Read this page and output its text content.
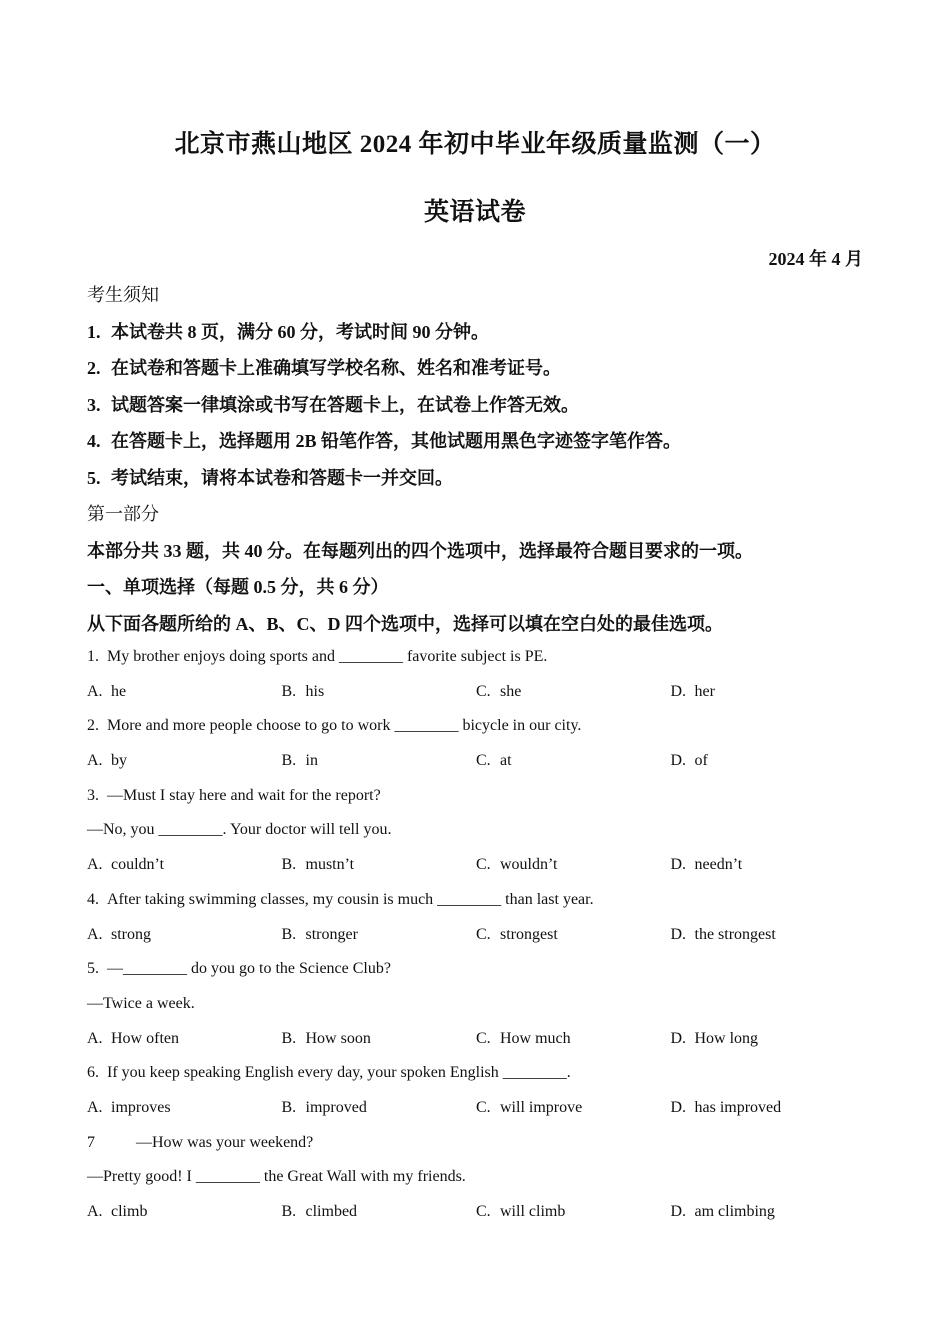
北京市燕山地区 2024 年初中毕业年级质量监测（一）
英语试卷
2024 年 4 月
考生须知
1. 本试卷共 8 页，满分 60 分，考试时间 90 分钟。
2. 在试卷和答题卡上准确填写学校名称、姓名和准考证号。
3. 试题答案一律填涂或书写在答题卡上，在试卷上作答无效。
4. 在答题卡上，选择题用 2B 铅笔作答，其他试题用黑色字迹签字笔作答。
5. 考试结束，请将本试卷和答题卡一并交回。
第一部分
本部分共 33 题，共 40 分。在每题列出的四个选项中，选择最符合题目要求的一项。
一、单项选择（每题 0.5 分，共 6 分）
从下面各题所给的 A、B、C、D 四个选项中，选择可以填在空白处的最佳选项。
1. My brother enjoys doing sports and ________ favorite subject is PE.
A. he	B. his	C. she	D. her
2. More and more people choose to go to work ________ bicycle in our city.
A. by	B. in	C. at	D. of
3. —Must I stay here and wait for the report?
—No, you ________. Your doctor will tell you.
A. couldn’t	B. mustn’t	C. wouldn’t	D. needn’t
4. After taking swimming classes, my cousin is much ________ than last year.
A. strong	B. stronger	C. strongest	D. the strongest
5. —________ do you go to the Science Club?
—Twice a week.
A. How often	B. How soon	C. How much	D. How long
6. If you keep speaking English every day, your spoken English ________.
A. improves	B. improved	C. will improve	D. has improved
7	—How was your weekend?
—Pretty good! I ________ the Great Wall with my friends.
A. climb	B. climbed	C. will climb	D. am climbing
